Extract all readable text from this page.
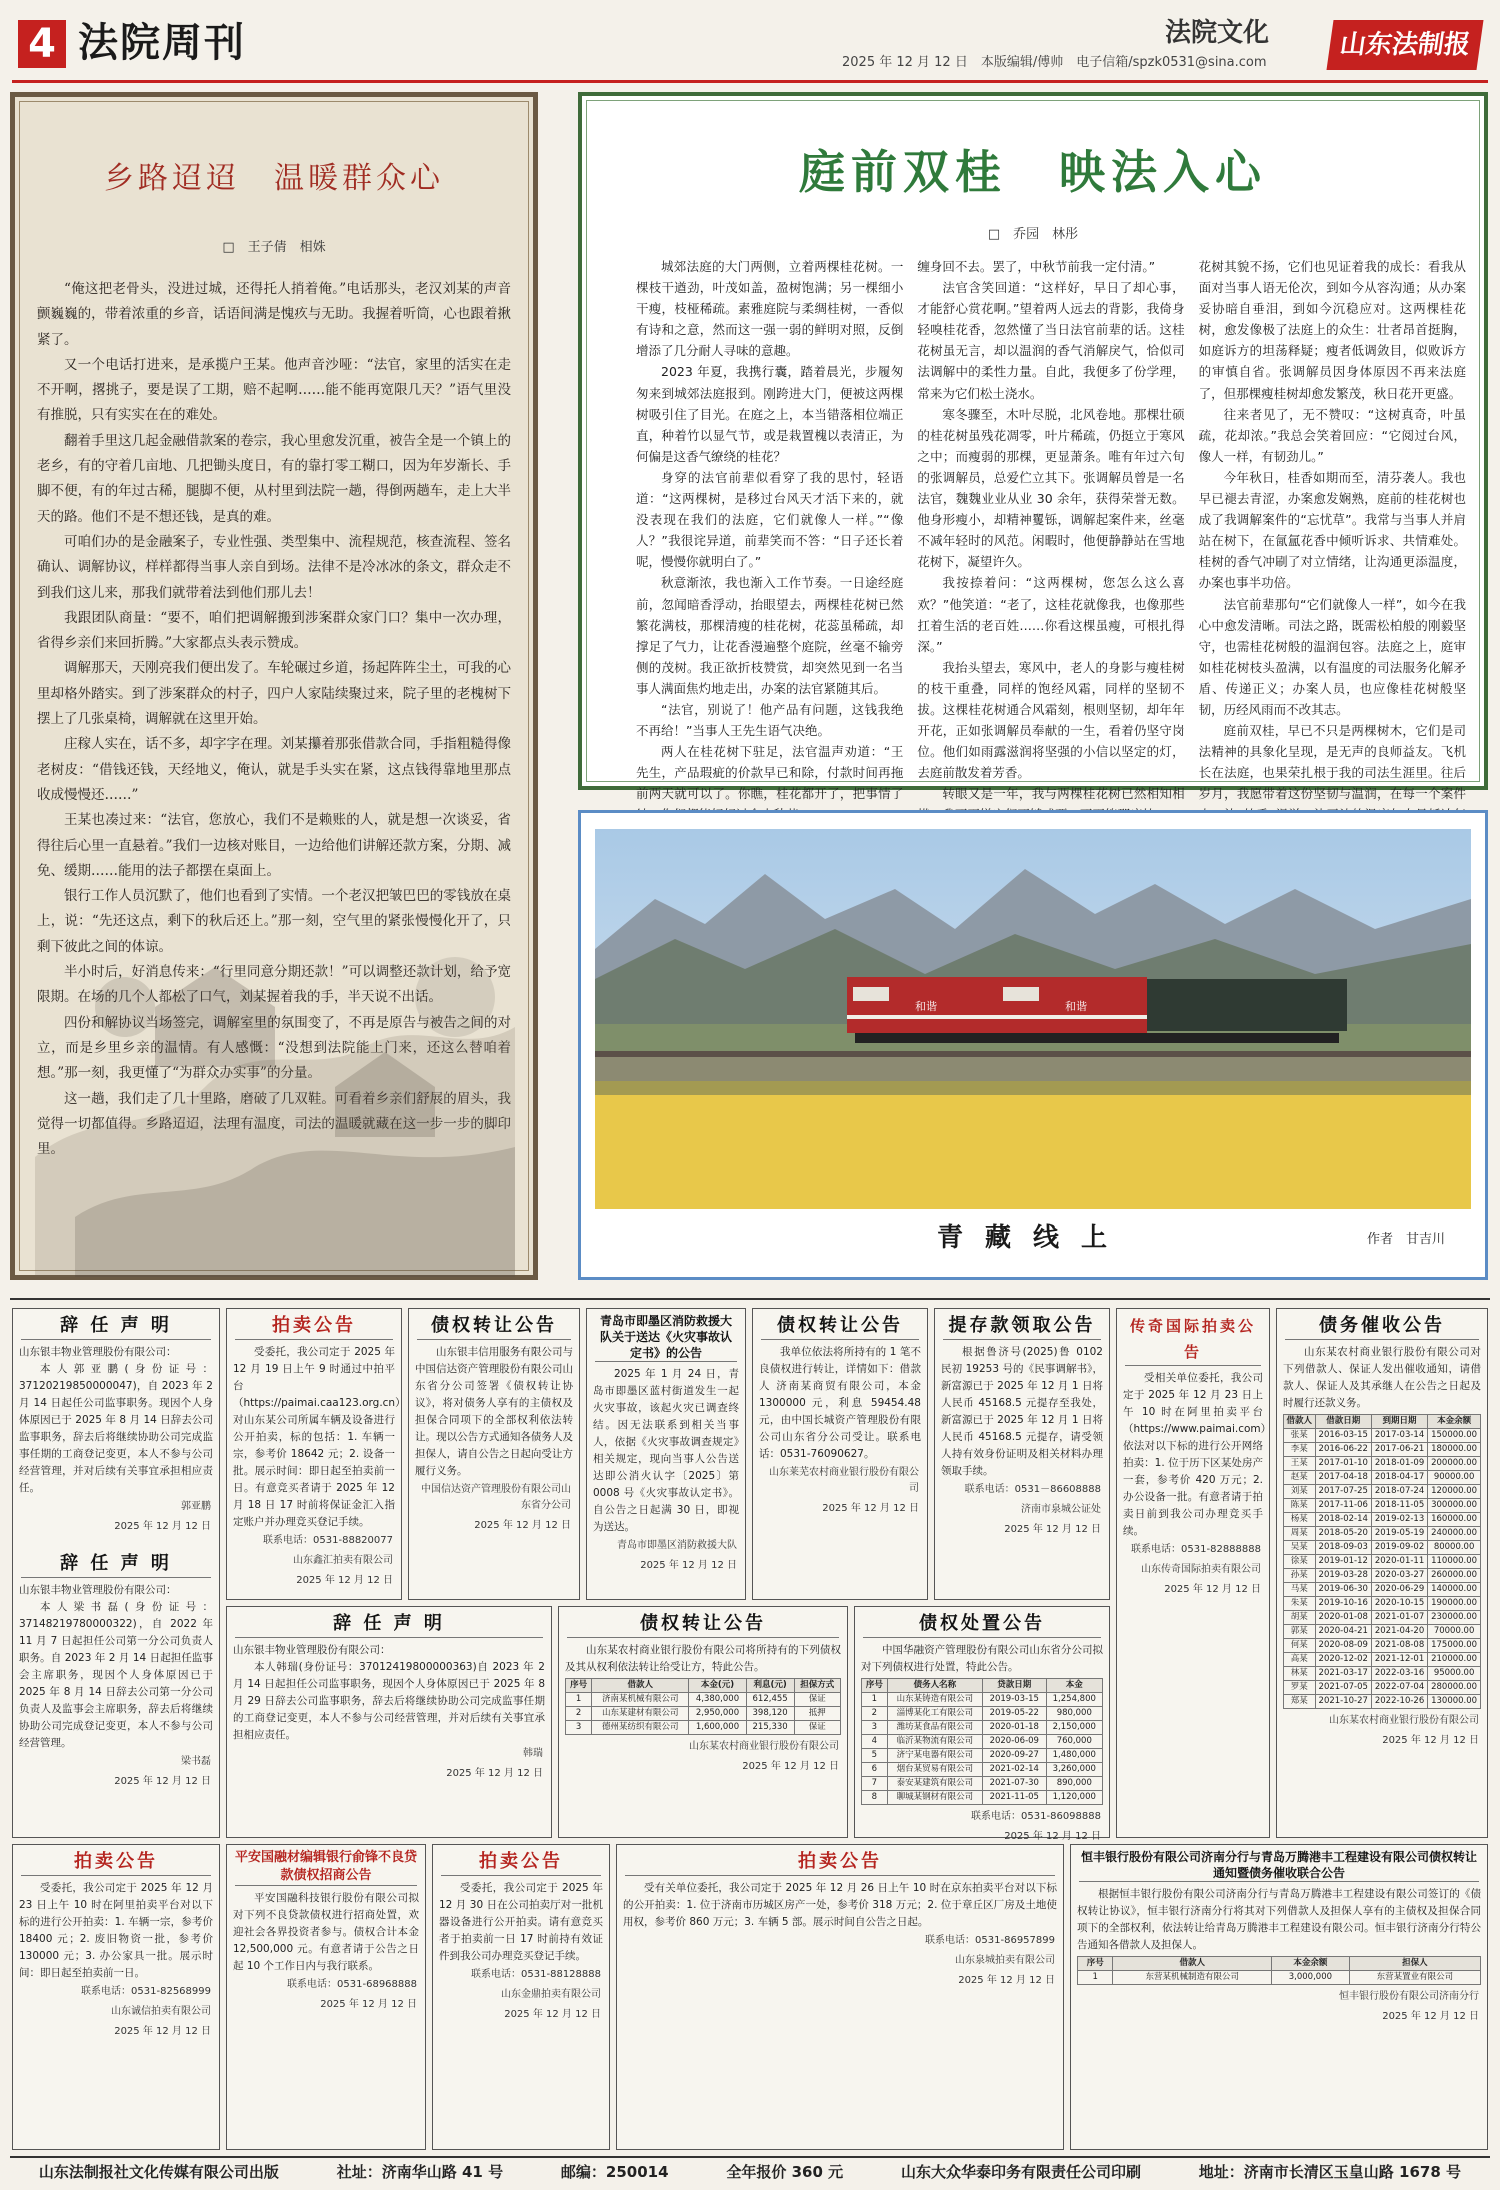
4 法院周刊	法院文化
2025 年 12 月 12 日　本版编辑/傅帅　电子信箱/spzk0531@sina.com
山东法制报
乡路迢迢　温暖群众心
□　王子倩　相姝

“俺这把老骨头，没进过城，还得托人捎着俺。”电话那头，老汉刘某的声音颤巍巍的，带着浓重的乡音，话语间满是愧疚与无助。我握着听筒，心也跟着揪紧了。

又一个电话打进来，是承揽户王某。他声音沙哑：“法官，家里的活实在走不开啊，撂挑子，要是误了工期，赔不起啊……能不能再宽限几天？”语气里没有推脱，只有实实在在的难处。

翻着手里这几起金融借款案的卷宗，我心里愈发沉重，被告全是一个镇上的老乡，有的守着几亩地、几把锄头度日，有的靠打零工糊口，因为年岁渐长、手脚不便，有的年过古稀，腿脚不便，从村里到法院一趟，得倒两趟车，走上大半天的路。他们不是不想还钱，是真的难。

可咱们办的是金融案子，专业性强、类型集中、流程规范，核查流程、签名确认、调解协议，样样都得当事人亲自到场。法律不是冷冰冰的条文，群众走不到我们这儿来，那我们就带着法到他们那儿去！

我跟团队商量：“要不，咱们把调解搬到涉案群众家门口？集中一次办理，省得乡亲们来回折腾。”大家都点头表示赞成。

调解那天，天刚亮我们便出发了。车轮碾过乡道，扬起阵阵尘土，可我的心里却格外踏实。到了涉案群众的村子，四户人家陆续聚过来，院子里的老槐树下摆上了几张桌椅，调解就在这里开始。

庄稼人实在，话不多，却字字在理。刘某攥着那张借款合同，手指粗糙得像老树皮：“借钱还钱，天经地义，俺认，就是手头实在紧，这点钱得靠地里那点收成慢慢还……”

王某也凑过来：“法官，您放心，我们不是赖账的人，就是想一次谈妥，省得往后心里一直悬着。”我们一边核对账目，一边给他们讲解还款方案，分期、减免、缓期……能用的法子都摆在桌面上。

银行工作人员沉默了，他们也看到了实情。一个老汉把皱巴巴的零钱放在桌上，说：“先还这点，剩下的秋后还上。”那一刻，空气里的紧张慢慢化开了，只剩下彼此之间的体谅。

半小时后，好消息传来：“行里同意分期还款！”可以调整还款计划，给予宽限期。在场的几个人都松了口气，刘某握着我的手，半天说不出话。

四份和解协议当场签完，调解室里的氛围变了，不再是原告与被告之间的对立，而是乡里乡亲的温情。有人感慨：“没想到法院能上门来，还这么替咱着想。”那一刻，我更懂了“为群众办实事”的分量。

这一趟，我们走了几十里路，磨破了几双鞋。可看着乡亲们舒展的眉头，我觉得一切都值得。乡路迢迢，法理有温度，司法的温暖就藏在这一步一步的脚印里。

庭前双桂　映法入心
□　乔园　林彤

城郊法庭的大门两侧，立着两棵桂花树。一棵枝干遒劲，叶茂如盖，盈树饱满；另一棵细小干瘦，枝桠稀疏。素雅庭院与柔绸桂树，一香似有诗和之意，然而这一强一弱的鲜明对照，反倒增添了几分耐人寻味的意趣。

2023 年夏，我携行囊，踏着晨光，步履匆匆来到城郊法庭报到。刚跨进大门，便被这两棵树吸引住了目光。在庭之上，本当错落相位端正直，种着竹以显气节，或是栽置槐以表清正，为何偏是这香气缭绕的桂花？

身穿的法官前辈似看穿了我的思忖，轻语道：“这两棵树，是移过台风天才活下来的，就没表现在我们的法庭，它们就像人一样。”“像人？”我很诧异道，前辈笑而不答：“日子还长着呢，慢慢你就明白了。”

秋意渐浓，我也渐入工作节奏。一日途经庭前，忽闻暗香浮动，抬眼望去，两棵桂花树已然繁花满枝，那棵清瘦的桂花树，花蕊虽稀疏，却撑足了气力，让花香漫遍整个庭院，丝毫不输旁侧的茂树。我正欲折枝赞赏，却突然见到一名当事人满面焦灼地走出，办案的法官紧随其后。

“法官，别说了！他产品有问题，这钱我绝不再给！”当事人王先生语气决绝。

两人在桂花树下驻足，法官温声劝道：“王先生，产品瑕疵的价款早已和除，付款时间再拖前两天就可以了。你瞧，桂花都开了，把事情了

缠身回不去。罢了，中秋节前我一定付清。”

法官含笑回道：“这样好，早日了却心事，才能舒心赏花啊。”望着两人远去的背影，我倚身轻嗅桂花香，忽然懂了当日法官前辈的话。这桂花树虽无言，却以温润的香气消解戾气，恰似司法调解中的柔性力量。自此，我便多了份学理，常来为它们松土浇水。

寒冬骤至，木叶尽脱，北风卷地。那棵壮硕的桂花树虽残花凋零，叶片稀疏，仍挺立于寒风之中；而瘦弱的那棵，更显萧条。唯有年过六旬的张调解员，总爱伫立其下。张调解员曾是一名法官，魏魏业业从业 30 余年，获得荣誉无数。他身形瘦小，却精神矍铄，调解起案件来，丝毫不减年轻时的风范。闲暇时，他便静静站在雪地花树下，凝望许久。

我按捺着问：“这两棵树，您怎么这么喜欢？”他笑道：“老了，这桂花就像我，也像那些扛着生活的老百姓……你看这棵虽瘦，可根扎得深。”

我抬头望去，寒风中，老人的身影与瘦桂树的枝干重叠，同样的饱经风霜，同样的坚韧不拔。这棵桂花树通合风霜刻，根则坚韧，却年年开花，正如张调解员奉献的一生，看着仍坚守岗位。他们如雨露滋润将坚强的小信以坚定的灯，去庭前散发着芳香。

转眼又是一年，我与两棵桂花树已然相知相

花树其貌不扬，它们也见证着我的成长：看我从面对当事人语无伦次，到如今从容沟通；从办案妥协暗自垂泪，到如今沉稳应对。这两棵桂花树，愈发像极了法庭上的众生：壮者昂首挺胸，如庭诉方的坦荡释疑；瘦者低调敛目，似败诉方的审慎自省。张调解员因身体原因不再来法庭了，但那棵瘦桂树却愈发繁茂，秋日花开更盛。

往来者见了，无不赞叹：“这树真奇，叶虽疏，花却浓。”我总会笑着回应：“它阅过台风，像人一样，有韧劲儿。”

今年秋日，桂香如期而至，清芬袭人。我也早已褪去青涩，办案愈发娴熟，庭前的桂花树也成了我调解案件的“忘忧草”。我常与当事人并肩站在树下，在氤氲花香中倾听诉求、共情难处。桂树的香气冲刷了对立情绪，让沟通更添温度，办案也事半功倍。

法官前辈那句“它们就像人一样”，如今在我心中愈发清晰。司法之路，既需松柏般的刚毅坚守，也需桂花树般的温润包容。法庭之上，庭审如桂花树枝头盈满，以有温度的司法服务化解矛盾、传递正义；办案人员，也应像桂花树般坚韧，历经风雨而不改其志。

庭前双桂，早已不只是两棵树木，它们是司法精神的具象化呈现，是无声的良师益友。飞机长在法庭，也果荣扎根于我的司法生涯里。往后岁月，我愿带着这份坚韧与温润，在每一个案件

和谐	和谐
青藏线上	作者　甘吉川
辞 任 声 明

山东银丰物业管理股份有限公司：

本人郭亚鹏(身份证号：37120219850000047)，自 2023 年 2 月 14 日起任公司监事职务。现因个人身体原因已于 2025 年 8 月 14 日辞去公司监事职务，辞去后将继续协助公司完成监事任期的工商登记变更，本人不参与公司经营管理，并对后续有关事宜承担相应责任。

郭亚鹏
2025 年 12 月 12 日
辞 任 声 明

山东银丰物业管理股份有限公司：

本人梁书磊(身份证号：37148219780000322)，自 2022 年 11 月 7 日起担任公司第一分公司负责人职务。自 2023 年 2 月 14 日起担任监事会主席职务，现因个人身体原因已于 2025 年 8 月 14 日辞去公司第一分公司负责人及监事会主席职务，辞去后将继续协助公司完成登记变更，本人不参与公司经营管理。

梁书磊
2025 年 12 月 12 日
拍卖公告

受委托，我公司定于 2025 年 12 月 19 日上午 9 时通过中拍平台（https://paimai.caa123.org.cn）对山东某公司所属车辆及设备进行公开拍卖，标的包括：1. 车辆一宗，参考价 18642 元；2. 设备一批。展示时间：即日起至拍卖前一日。有意竞买者请于 2025 年 12 月 18 日 17 时前将保证金汇入指定账户并办理竞买登记手续。

联系电话：0531-88820077
山东鑫汇拍卖有限公司
2025 年 12 月 12 日
债权转让公告

山东银丰信用服务有限公司与中国信达资产管理股份有限公司山东省分公司签署《债权转让协议》，将对债务人享有的主债权及担保合同项下的全部权利依法转让。现以公告方式通知各债务人及担保人，请自公告之日起向受让方履行义务。

中国信达资产管理股份有限公司山东省分公司
2025 年 12 月 12 日
青岛市即墨区消防救援大队关于送达《火灾事故认定书》的公告

2025 年 1 月 24 日，青岛市即墨区蓝村街道发生一起火灾事故，该起火灾已调查终结。因无法联系到相关当事人，依据《火灾事故调查规定》相关规定，现向当事人公告送达即公消火认字〔2025〕第 0008 号《火灾事故认定书》。自公告之日起满 30 日，即视为送达。

青岛市即墨区消防救援大队
2025 年 12 月 12 日
债权转让公告

我单位依法将所持有的 1 笔不良债权进行转让，详情如下：借款人 济南某商贸有限公司，本金 1300000 元，利息 59454.48 元，由中国长城资产管理股份有限公司山东省分公司受让。联系电话：0531-76090627。

山东莱芜农村商业银行股份有限公司
2025 年 12 月 12 日
提存款领取公告

根据鲁济号(2025)鲁 0102 民初 19253 号的《民事调解书》，新富源已于 2025 年 12 月 1 日将人民币 45168.5 元提存至我处，新富源已于 2025 年 12 月 1 日将人民币 45168.5 元提存，请受领人持有效身份证明及相关材料办理领取手续。

联系电话：0531－86608888
济南市泉城公证处
2025 年 12 月 12 日
传奇国际拍卖公告

受相关单位委托，我公司定于 2025 年 12 月 23 日上午 10 时在阿里拍卖平台（https://www.paimai.com）依法对以下标的进行公开网络拍卖：1. 位于历下区某处房产一套，参考价 420 万元；2. 办公设备一批。有意者请于拍卖日前到我公司办理竞买手续。

联系电话：0531-82888888
山东传奇国际拍卖有限公司
2025 年 12 月 12 日
债务催收公告

山东某农村商业银行股份有限公司对下列借款人、保证人发出催收通知，请借款人、保证人及其承继人在公告之日起及时履行还款义务。

借款人	借款日期	到期日期	本金余额
张某	2016-03-15	2017-03-14	150000.00
李某	2016-06-22	2017-06-21	180000.00
王某	2017-01-10	2018-01-09	200000.00
赵某	2017-04-18	2018-04-17	90000.00
刘某	2017-07-25	2018-07-24	120000.00
陈某	2017-11-06	2018-11-05	300000.00
杨某	2018-02-14	2019-02-13	160000.00
周某	2018-05-20	2019-05-19	240000.00
吴某	2018-09-03	2019-09-02	80000.00
徐某	2019-01-12	2020-01-11	110000.00
孙某	2019-03-28	2020-03-27	260000.00
马某	2019-06-30	2020-06-29	140000.00
朱某	2019-10-16	2020-10-15	190000.00
胡某	2020-01-08	2021-01-07	230000.00
郭某	2020-04-21	2021-04-20	70000.00
何某	2020-08-09	2021-08-08	175000.00
高某	2020-12-02	2021-12-01	210000.00
林某	2021-03-17	2022-03-16	95000.00
罗某	2021-07-05	2022-07-04	280000.00
郑某	2021-10-27	2022-10-26	130000.00
山东某农村商业银行股份有限公司
2025 年 12 月 12 日
辞 任 声 明

山东银丰物业管理股份有限公司：

本人韩瑞(身份证号：37012419800000363)自 2023 年 2 月 14 日起担任公司监事职务，现因个人身体原因已于 2025 年 8 月 29 日辞去公司监事职务，辞去后将继续协助公司完成监事任期的工商登记变更，本人不参与公司经营管理，并对后续有关事宜承担相应责任。

韩瑞
2025 年 12 月 12 日
债权转让公告

山东某农村商业银行股份有限公司将所持有的下列债权及其从权利依法转让给受让方，特此公告。

序号	借款人	本金(元)	利息(元)	担保方式
1	济南某机械有限公司	4,380,000	612,455	保证
2	山东某建材有限公司	2,950,000	398,120	抵押
3	德州某纺织有限公司	1,600,000	215,330	保证
山东某农村商业银行股份有限公司
2025 年 12 月 12 日
债权处置公告

中国华融资产管理股份有限公司山东省分公司拟对下列债权进行处置，特此公告。

序号	债务人名称	贷款日期	本金
1	山东某铸造有限公司	2019-03-15	1,254,800
2	淄博某化工有限公司	2019-05-22	980,000
3	潍坊某食品有限公司	2020-01-18	2,150,000
4	临沂某物流有限公司	2020-06-09	760,000
5	济宁某电器有限公司	2020-09-27	1,480,000
6	烟台某贸易有限公司	2021-02-14	3,260,000
7	泰安某建筑有限公司	2021-07-30	890,000
8	聊城某钢材有限公司	2021-11-05	1,120,000
联系电话：0531-86098888
2025 年 12 月 12 日
拍卖公告

受委托，我公司定于 2025 年 12 月 23 日上午 10 时在阿里拍卖平台对以下标的进行公开拍卖：1. 车辆一宗，参考价 18400 元；2. 废旧物资一批，参考价 130000 元；3. 办公家具一批。展示时间：即日起至拍卖前一日。

联系电话：0531-82568999
山东诚信拍卖有限公司
2025 年 12 月 12 日
平安国融材编辑银行俞锋不良贷款债权招商公告

平安国融科技银行股份有限公司拟对下列不良贷款债权进行招商处置，欢迎社会各界投资者参与。债权合计本金 12,500,000 元。有意者请于公告之日起 10 个工作日内与我行联系。

联系电话：0531-68968888
2025 年 12 月 12 日
拍卖公告

受委托，我公司定于 2025 年 12 月 30 日在公司拍卖厅对一批机器设备进行公开拍卖。请有意竞买者于拍卖前一日 17 时前持有效证件到我公司办理竞买登记手续。

联系电话：0531-88128888
山东金鼎拍卖有限公司
2025 年 12 月 12 日
拍卖公告

受有关单位委托，我公司定于 2025 年 12 月 26 日上午 10 时在京东拍卖平台对以下标的公开拍卖：1. 位于济南市历城区房产一处，参考价 318 万元；2. 位于章丘区厂房及土地使用权，参考价 860 万元；3. 车辆 5 部。展示时间自公告之日起。

联系电话：0531-86957899
山东泉城拍卖有限公司
2025 年 12 月 12 日
恒丰银行股份有限公司济南分行与青岛万腾港丰工程建设有限公司债权转让通知暨债务催收联合公告

根据恒丰银行股份有限公司济南分行与青岛万腾港丰工程建设有限公司签订的《债权转让协议》，恒丰银行济南分行将其对下列借款人及担保人享有的主债权及担保合同项下的全部权利，依法转让给青岛万腾港丰工程建设有限公司。恒丰银行济南分行特公告通知各借款人及担保人。

序号	借款人	本金余额	担保人
1	东营某机械制造有限公司	3,000,000	东营某置业有限公司
恒丰银行股份有限公司济南分行
2025 年 12 月 12 日
山东法制报社文化传媒有限公司出版	社址：济南华山路 41 号	邮编：250014	全年报价 360 元	山东大众华泰印务有限责任公司印刷	地址：济南市长清区玉皇山路 1678 号
